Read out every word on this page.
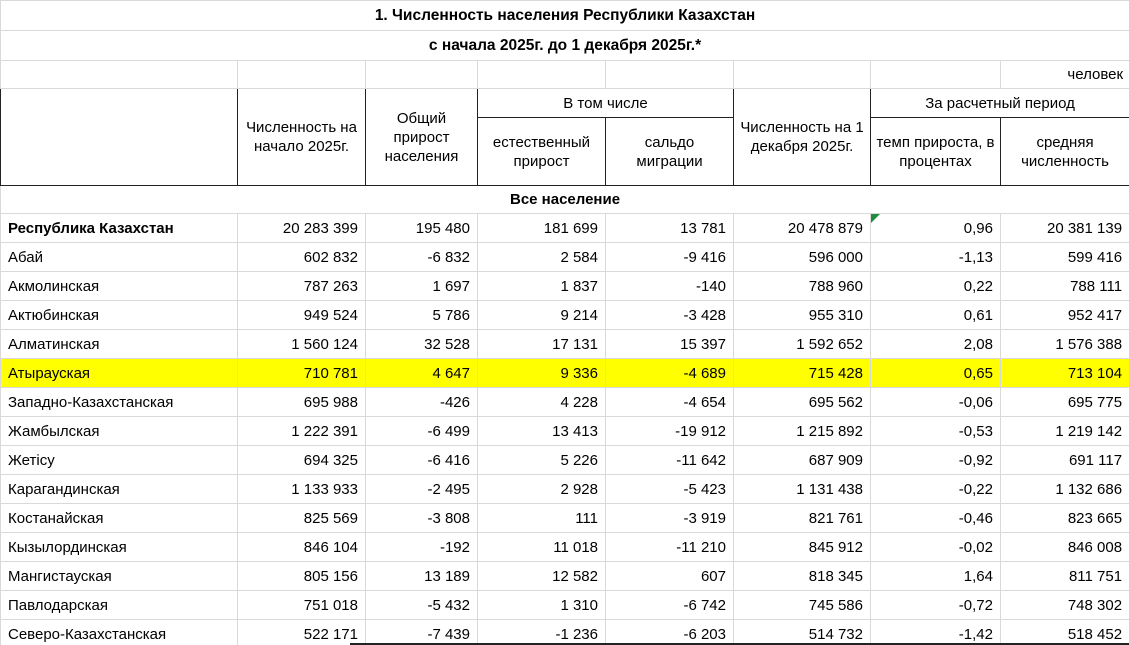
1. Численность населения Республики Казахстан							
с начала 2025г. до 1 декабря 2025г.*							
							человек
	Численность на начало 2025г.	Общий прирост населения	В том числе		Численность на 1 декабря 2025г.	За расчетный период	
			естественный прирост	сальдо миграции		темп прироста, в процентах	средняя численность
Все население							
Республика Казахстан	20 283 399	195 480	181 699	13 781	20 478 879	0,96	20 381 139
Абай	602 832	-6 832	2 584	-9 416	596 000	-1,13	599 416
Акмолинская	787 263	1 697	1 837	-140	788 960	0,22	788 111
Актюбинская	949 524	5 786	9 214	-3 428	955 310	0,61	952 417
Алматинская	1 560 124	32 528	17 131	15 397	1 592 652	2,08	1 576 388
Атырауская	710 781	4 647	9 336	-4 689	715 428	0,65	713 104
Западно-Казахстанская	695 988	-426	4 228	-4 654	695 562	-0,06	695 775
Жамбылская	1 222 391	-6 499	13 413	-19 912	1 215 892	-0,53	1 219 142
Жетісу	694 325	-6 416	5 226	-11 642	687 909	-0,92	691 117
Карагандинская	1 133 933	-2 495	2 928	-5 423	1 131 438	-0,22	1 132 686
Костанайская	825 569	-3 808	111	-3 919	821 761	-0,46	823 665
Кызылординская	846 104	-192	11 018	-11 210	845 912	-0,02	846 008
Мангистауская	805 156	13 189	12 582	607	818 345	1,64	811 751
Павлодарская	751 018	-5 432	1 310	-6 742	745 586	-0,72	748 302
Северо-Казахстанская	522 171	-7 439	-1 236	-6 203	514 732	-1,42	518 452
